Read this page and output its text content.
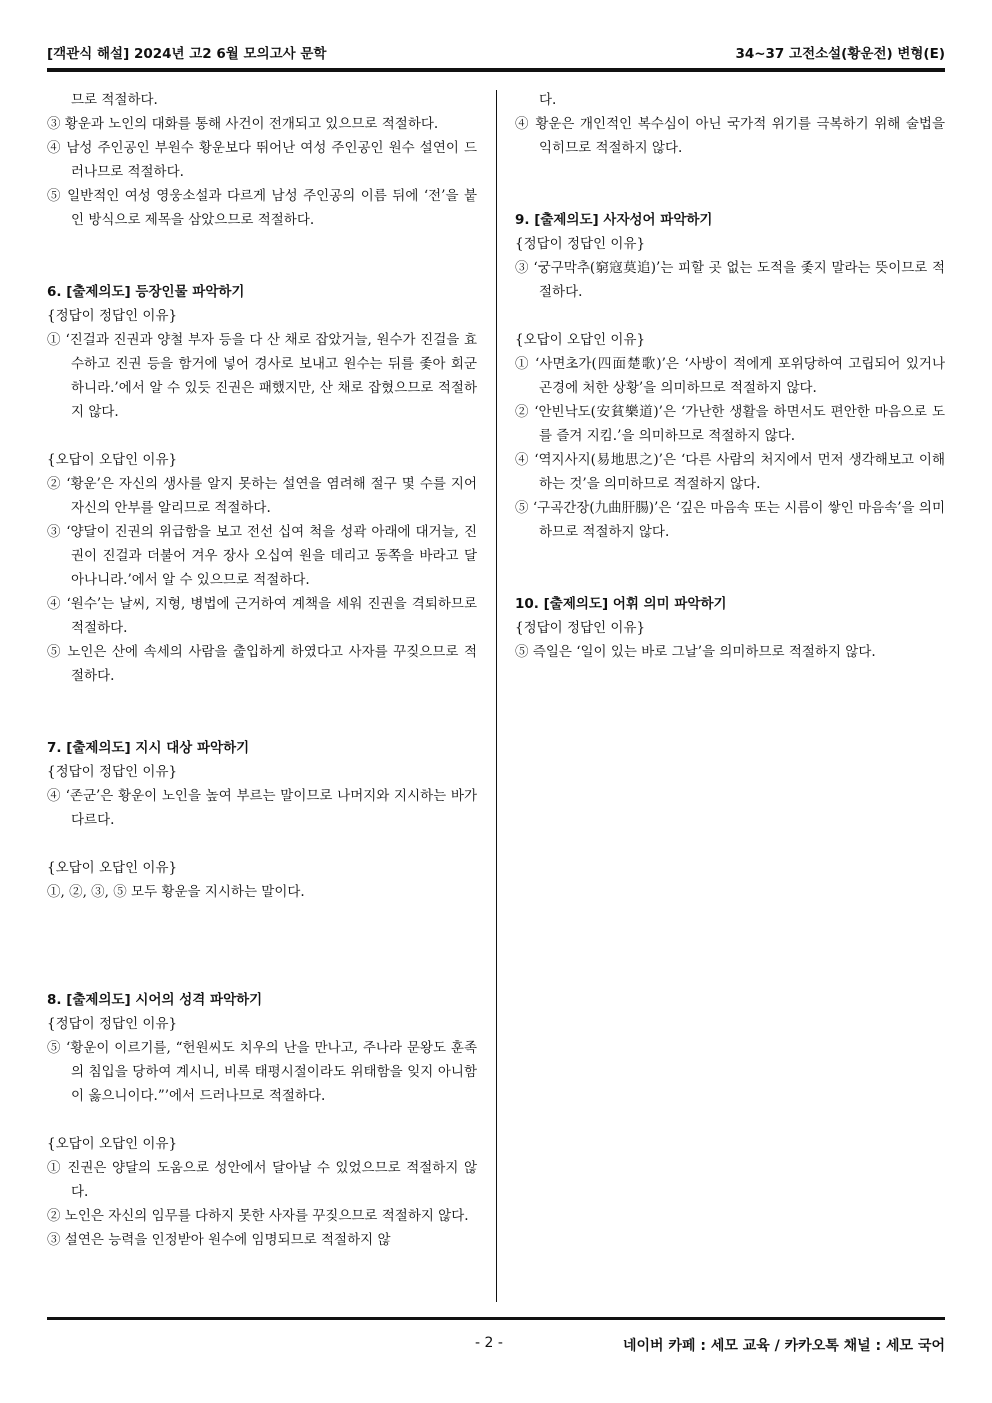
[객관식 해설] 2024년 고2 6월 모의고사 문학	34~37 고전소설(황운전) 변형(E)

므로 적절하다.

③ 황운과 노인의 대화를 통해 사건이 전개되고 있으므로 적절하다.

④ 남성 주인공인 부원수 황운보다 뛰어난 여성 주인공인 원수 설연이 드러나므로 적절하다.

⑤ 일반적인 여성 영웅소설과 다르게 남성 주인공의 이름 뒤에 ‘전’을 붙인 방식으로 제목을 삼았으므로 적절하다.

6. [출제의도] 등장인물 파악하기

{정답이 정답인 이유}

① ‘진걸과 진권과 양철 부자 등을 다 산 채로 잡았거늘, 원수가 진걸을 효수하고 진권 등을 함거에 넣어 경사로 보내고 원수는 뒤를 좇아 회군하니라.’에서 알 수 있듯 진권은 패했지만, 산 채로 잡혔으므로 적절하지 않다.

{오답이 오답인 이유}

② ‘황운’은 자신의 생사를 알지 못하는 설연을 염려해 절구 몇 수를 지어 자신의 안부를 알리므로 적절하다.

③ ‘양달이 진권의 위급함을 보고 전선 십여 척을 성곽 아래에 대거늘, 진권이 진걸과 더불어 겨우 장사 오십여 원을 데리고 동쪽을 바라고 달아나니라.’에서 알 수 있으므로 적절하다.

④ ‘원수’는 날씨, 지형, 병법에 근거하여 계책을 세워 진권을 격퇴하므로 적절하다.

⑤ 노인은 산에 속세의 사람을 출입하게 하였다고 사자를 꾸짖으므로 적절하다.

7. [출제의도] 지시 대상 파악하기

{정답이 정답인 이유}

④ ‘존군’은 황운이 노인을 높여 부르는 말이므로 나머지와 지시하는 바가 다르다.

{오답이 오답인 이유}

①, ②, ③, ⑤ 모두 황운을 지시하는 말이다.

8. [출제의도] 시어의 성격 파악하기

{정답이 정답인 이유}

⑤ ‘황운이 이르기를, “헌원씨도 치우의 난을 만나고, 주나라 문왕도 훈족의 침입을 당하여 계시니, 비록 태평시절이라도 위태함을 잊지 아니함이 옳으니이다.”’에서 드러나므로 적절하다.

{오답이 오답인 이유}

① 진권은 양달의 도움으로 성안에서 달아날 수 있었으므로 적절하지 않다.

② 노인은 자신의 임무를 다하지 못한 사자를 꾸짖으므로 적절하지 않다.

③ 설연은 능력을 인정받아 원수에 임명되므로 적절하지 않

다.

④ 황운은 개인적인 복수심이 아닌 국가적 위기를 극복하기 위해 술법을 익히므로 적절하지 않다.

9. [출제의도] 사자성어 파악하기

{정답이 정답인 이유}

③ ‘궁구막추(窮寇莫追)’는 피할 곳 없는 도적을 좇지 말라는 뜻이므로 적절하다.

{오답이 오답인 이유}

① ‘사면초가(四面楚歌)’은 ‘사방이 적에게 포위당하여 고립되어 있거나 곤경에 처한 상황’을 의미하므로 적절하지 않다.

② ‘안빈낙도(安貧樂道)’은 ‘가난한 생활을 하면서도 편안한 마음으로 도를 즐겨 지킴.’을 의미하므로 적절하지 않다.

④ ‘역지사지(易地思之)’은 ‘다른 사람의 처지에서 먼저 생각해보고 이해하는 것’을 의미하므로 적절하지 않다.

⑤ ‘구곡간장(九曲肝腸)’은 ‘깊은 마음속 또는 시름이 쌓인 마음속’을 의미하므로 적절하지 않다.

10. [출제의도] 어휘 의미 파악하기

{정답이 정답인 이유}

⑤ 즉일은 ‘일이 있는 바로 그날’을 의미하므로 적절하지 않다.

- 2 -	네이버 카페 : 세모 교육 / 카카오톡 채널 : 세모 국어
